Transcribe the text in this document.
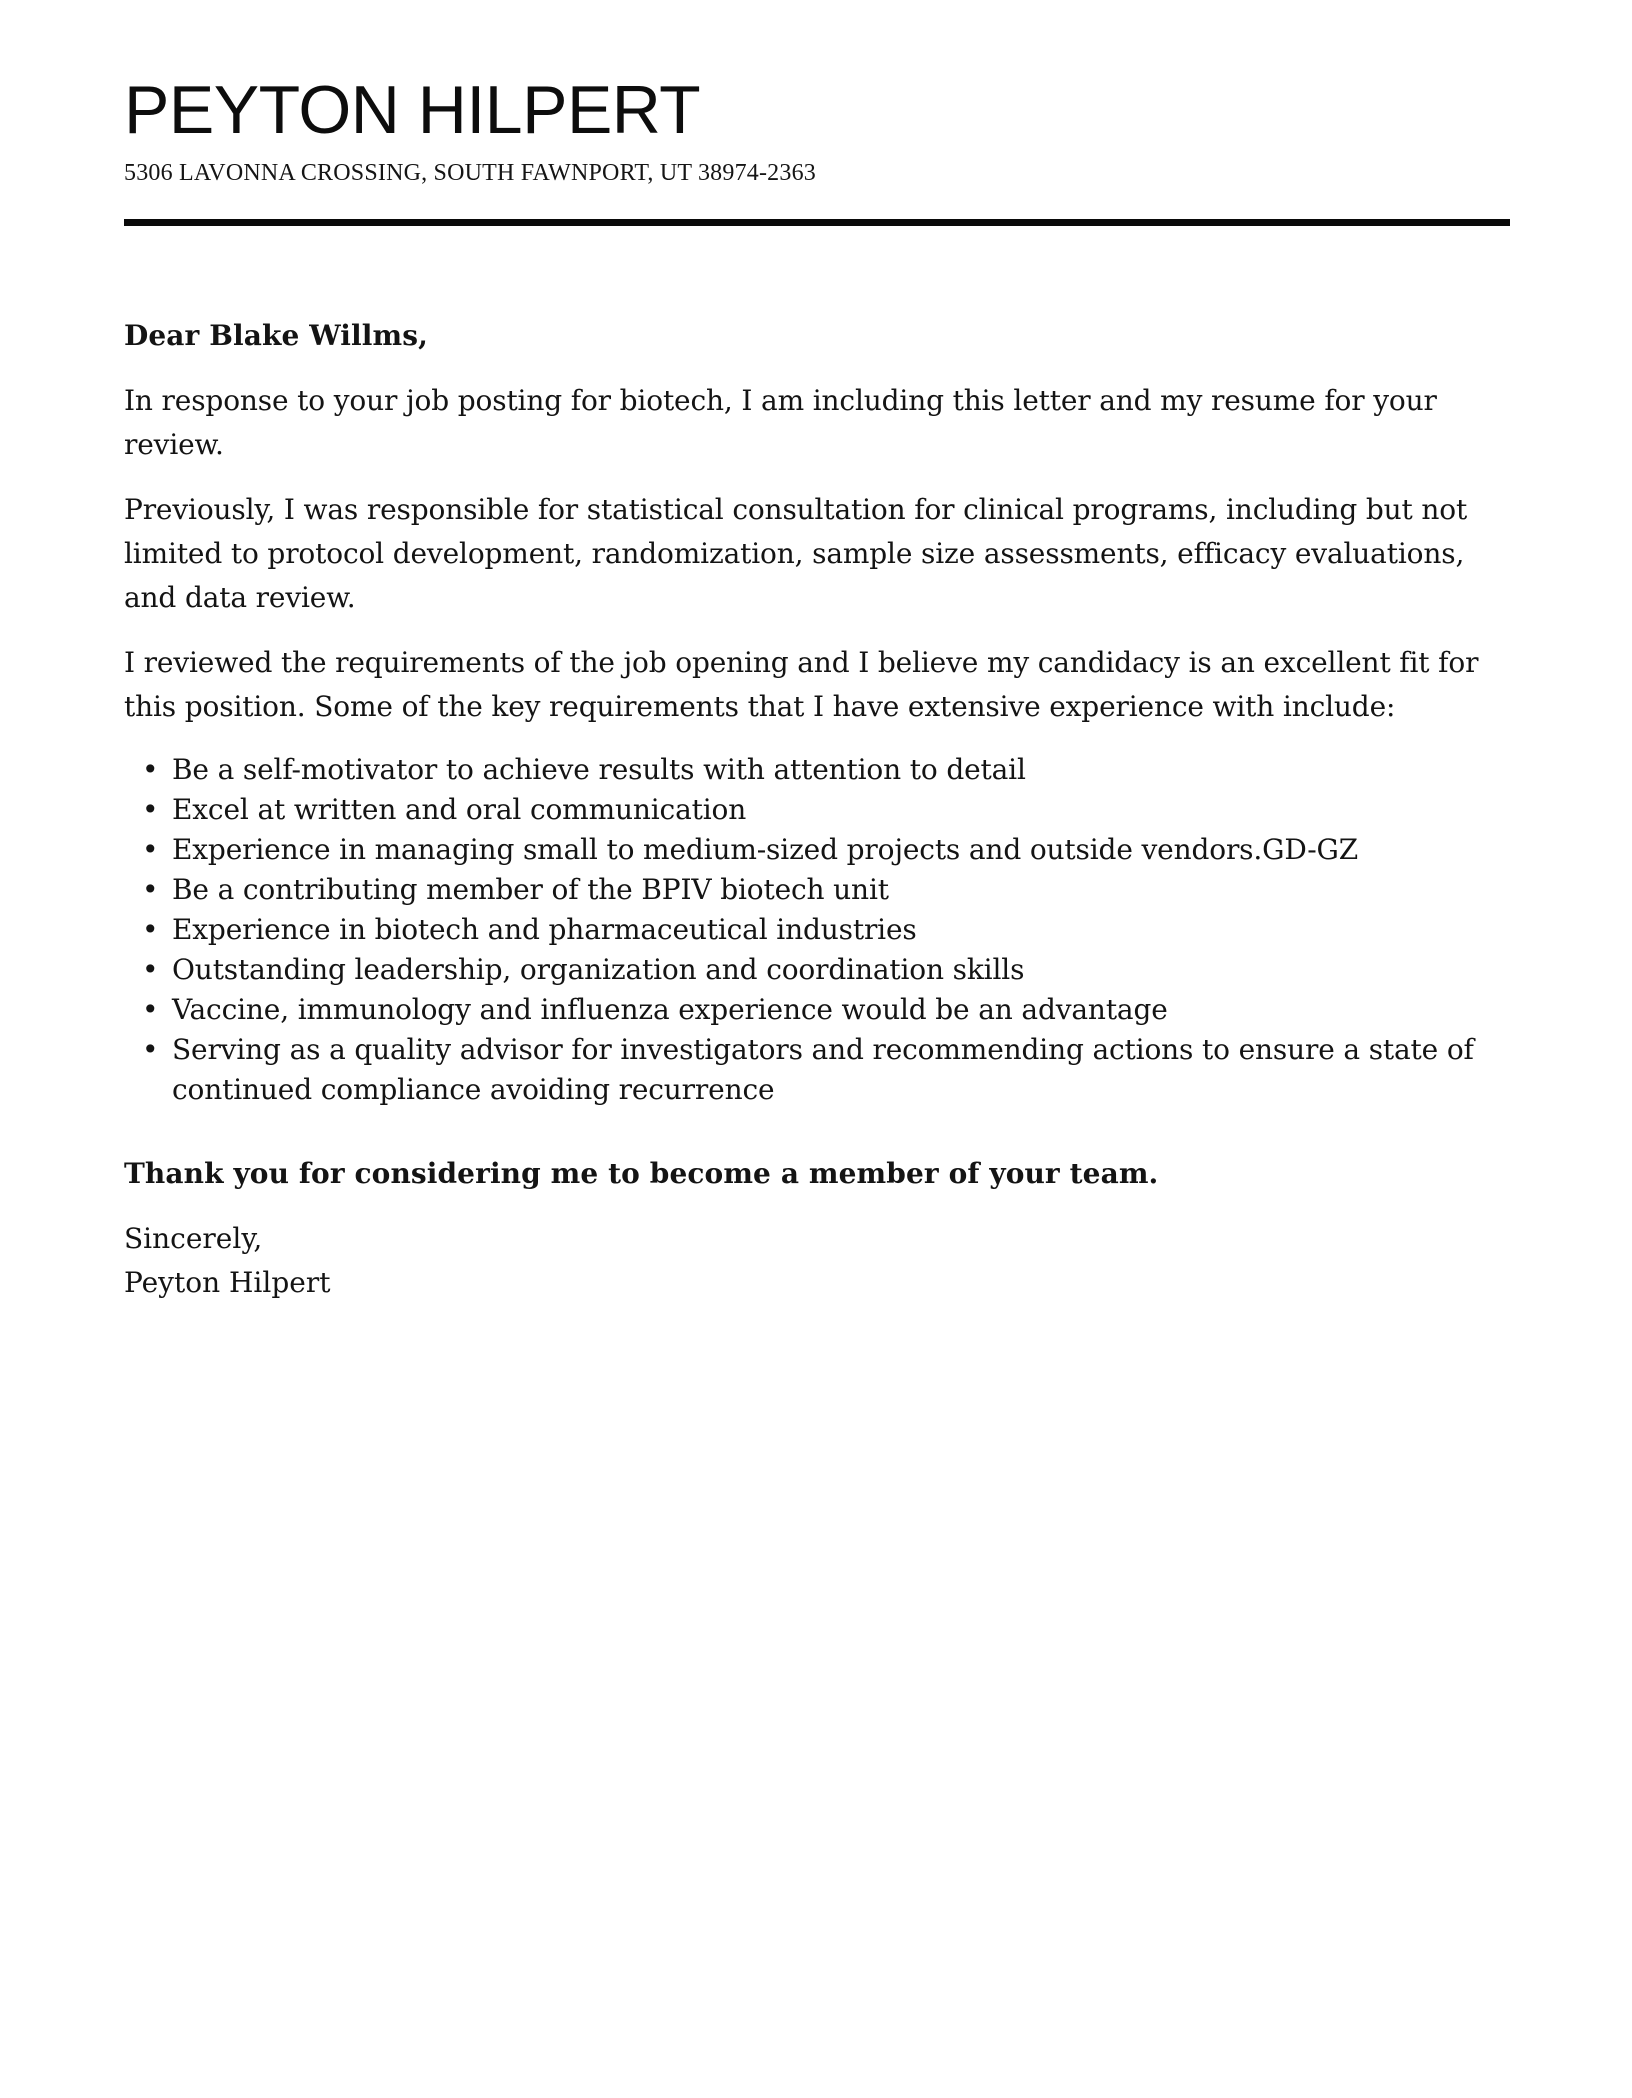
PEYTON HILPERT
5306 LAVONNA CROSSING, SOUTH FAWNPORT, UT 38974-2363

Dear Blake Willms,

In response to your job posting for biotech, I am including this letter and my resume for your review.

Previously, I was responsible for statistical consultation for clinical programs, including but not limited to protocol development, randomization, sample size assessments, efficacy evaluations, and data review.

I reviewed the requirements of the job opening and I believe my candidacy is an excellent fit for this position. Some of the key requirements that I have extensive experience with include:

• Be a self-motivator to achieve results with attention to detail
• Excel at written and oral communication
• Experience in managing small to medium-sized projects and outside vendors.GD-GZ
• Be a contributing member of the BPIV biotech unit
• Experience in biotech and pharmaceutical industries
• Outstanding leadership, organization and coordination skills
• Vaccine, immunology and influenza experience would be an advantage
• Serving as a quality advisor for investigators and recommending actions to ensure a state of continued compliance avoiding recurrence

Thank you for considering me to become a member of your team.

Sincerely,

Peyton Hilpert
